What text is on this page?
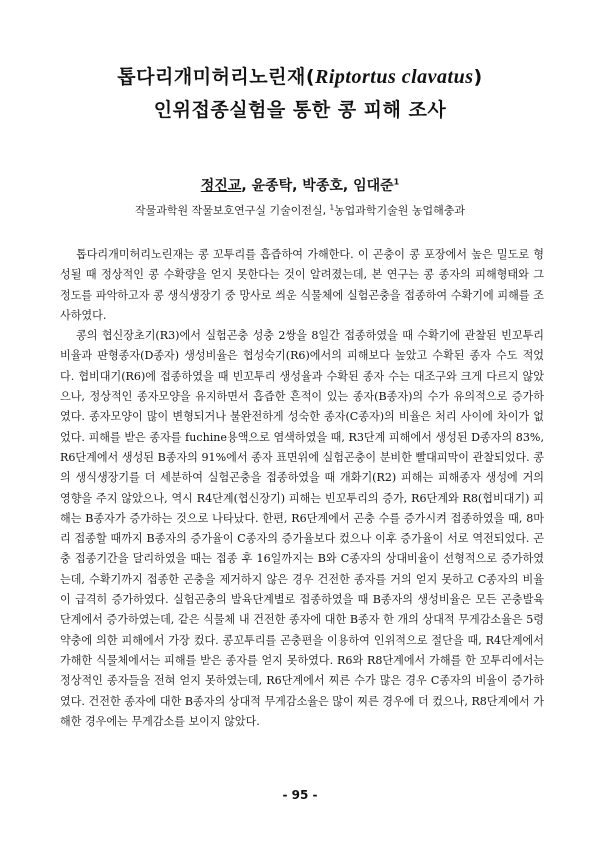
톱다리개미허리노린재(Riptortus clavatus)
인위접종실험을 통한 콩 피해 조사
정진교, 윤종탁, 박종호, 임대준$^1$
작물과학원 작물보호연구실 기술이전실, $^1$농업과학기술원 농업해충과

톱다리개미허리노린재는 콩 꼬투리를 흡즙하여 가해한다. 이 곤충이 콩 포장에서 높은 밀도로 형성될 때 정상적인 콩 수확량을 얻지 못한다는 것이 알려졌는데, 본 연구는 콩 종자의 피해형태와 그 정도를 파악하고자 콩 생식생장기 중 망사로 씌운 식물체에 실험곤충을 접종하여 수확기에 피해를 조사하였다.

콩의 협신장초기(R3)에서 실험곤충 성충 2쌍을 8일간 접종하였을 때 수확기에 관찰된 빈꼬투리 비율과 판형종자(D종자) 생성비율은 협성숙기(R6)에서의 피해보다 높았고 수확된 종자 수도 적었다. 협비대기(R6)에 접종하였을 때 빈꼬투리 생성율과 수확된 종자 수는 대조구와 크게 다르지 않았으나, 정상적인 종자모양을 유지하면서 흡즙한 흔적이 있는 종자(B종자)의 수가 유의적으로 증가하였다. 종자모양이 많이 변형되거나 불완전하게 성숙한 종자(C종자)의 비율은 처리 사이에 차이가 없었다. 피해를 받은 종자를 fuchine용액으로 염색하였을 때, R3단계 피해에서 생성된 D종자의 83%, R6단계에서 생성된 B종자의 91%에서 종자 표면위에 실험곤충이 분비한 빨대피막이 관찰되었다. 콩의 생식생장기를 더 세분하여 실험곤충을 접종하였을 때 개화기(R2) 피해는 피해종자 생성에 거의 영향을 주지 않았으나, 역시 R4단계(협신장기) 피해는 빈꼬투리의 증가, R6단계와 R8(협비대기) 피해는 B종자가 증가하는 것으로 나타났다. 한편, R6단계에서 곤충 수를 증가시켜 접종하였을 때, 8마리 접종할 때까지 B종자의 증가율이 C종자의 증가율보다 컸으나 이후 증가율이 서로 역전되었다. 곤충 접종기간을 달리하였을 때는 접종 후 16일까지는 B와 C종자의 상대비율이 선형적으로 증가하였는데, 수확기까지 접종한 곤충을 제거하지 않은 경우 건전한 종자를 거의 얻지 못하고 C종자의 비율이 급격히 증가하였다. 실험곤충의 발육단계별로 접종하였을 때 B종자의 생성비율은 모든 곤충발육단계에서 증가하였는데, 같은 식물체 내 건전한 종자에 대한 B종자 한 개의 상대적 무게감소율은 5령 약충에 의한 피해에서 가장 컸다. 콩꼬투리를 곤충편을 이용하여 인위적으로 절단을 때, R4단계에서 가해한 식물체에서는 피해를 받은 종자를 얻지 못하였다. R6와 R8단계에서 가해를 한 꼬투리에서는 정상적인 종자들을 전혀 얻지 못하였는데, R6단계에서 찌른 수가 많은 경우 C종자의 비율이 증가하였다. 건전한 종자에 대한 B종자의 상대적 무게감소율은 많이 찌른 경우에 더 컸으나, R8단계에서 가해한 경우에는 무게감소를 보이지 않았다.

- 95 -
